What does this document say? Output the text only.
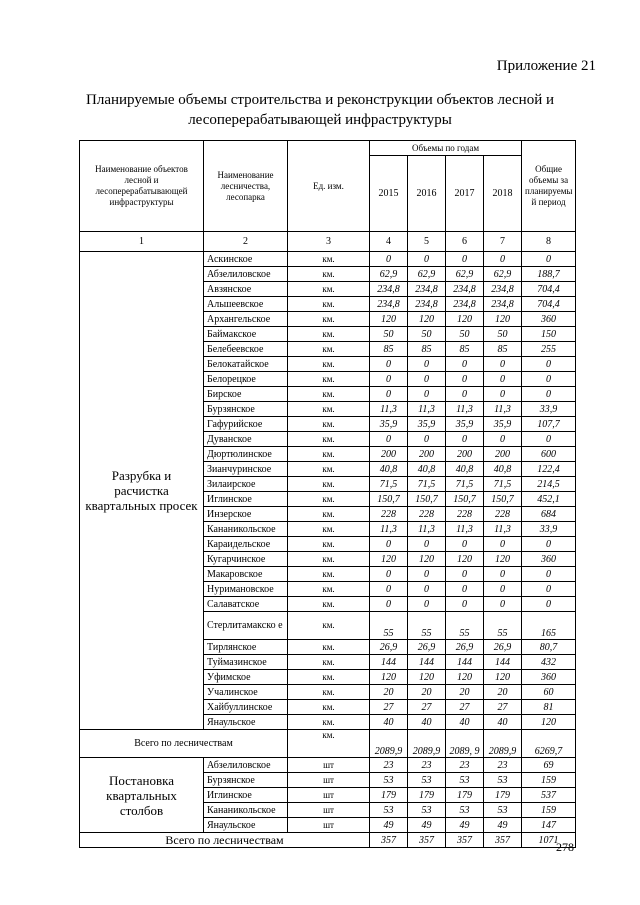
Приложение 21
Планируемые объемы строительства и реконструкции объектов лесной и
лесоперерабатывающей инфраструктуры
Наименование объектов лесной и лесоперерабатывающей инфраструктуры	Наименование лесничества, лесопарка	Ед. изм.	Объемы по годам				Общие объемы за планируемы й период
			2015	2016	2017	2018	
1	2	3	4	5	6	7	8
Разрубка и расчистка квартальных просек	Аскинское	км.	0	0	0	0	0
	Абзелиловское	км.	62,9	62,9	62,9	62,9	188,7
	Авзянское	км.	234,8	234,8	234,8	234,8	704,4
	Альшеевское	км.	234,8	234,8	234,8	234,8	704,4
	Архангельское	км.	120	120	120	120	360
	Баймакское	км.	50	50	50	50	150
	Белебеевское	км.	85	85	85	85	255
	Белокатайское	км.	0	0	0	0	0
	Белорецкое	км.	0	0	0	0	0
	Бирское	км.	0	0	0	0	0
	Бурзянское	км.	11,3	11,3	11,3	11,3	33,9
	Гафурийское	км.	35,9	35,9	35,9	35,9	107,7
	Дуванское	км.	0	0	0	0	0
	Дюртюлинское	км.	200	200	200	200	600
	Зианчуринское	км.	40,8	40,8	40,8	40,8	122,4
	Зилаирское	км.	71,5	71,5	71,5	71,5	214,5
	Иглинское	км.	150,7	150,7	150,7	150,7	452,1
	Инзерское	км.	228	228	228	228	684
	Кананикольское	км.	11,3	11,3	11,3	11,3	33,9
	Караидельское	км.	0	0	0	0	0
	Кугарчинское	км.	120	120	120	120	360
	Макаровское	км.	0	0	0	0	0
	Нуримановское	км.	0	0	0	0	0
	Салаватское	км.	0	0	0	0	0
	Стерлитамакско е	км.	55	55	55	55	165
	Тирлянское	км.	26,9	26,9	26,9	26,9	80,7
	Туймазинское	км.	144	144	144	144	432
	Уфимское	км.	120	120	120	120	360
	Учалинское	км.	20	20	20	20	60
	Хайбуллинское	км.	27	27	27	27	81
	Янаульское	км.	40	40	40	40	120
Всего по лесничествам		км.	2089,9	2089,9	2089, 9	2089,9	6269,7
Постановка квартальных столбов	Абзелиловское	шт	23	23	23	23	69
	Бурзянское	шт	53	53	53	53	159
	Иглинское	шт	179	179	179	179	537
	Кананикольское	шт	53	53	53	53	159
	Янаульское	шт	49	49	49	49	147
Всего по лесничествам			357	357	357	357	1071
278
